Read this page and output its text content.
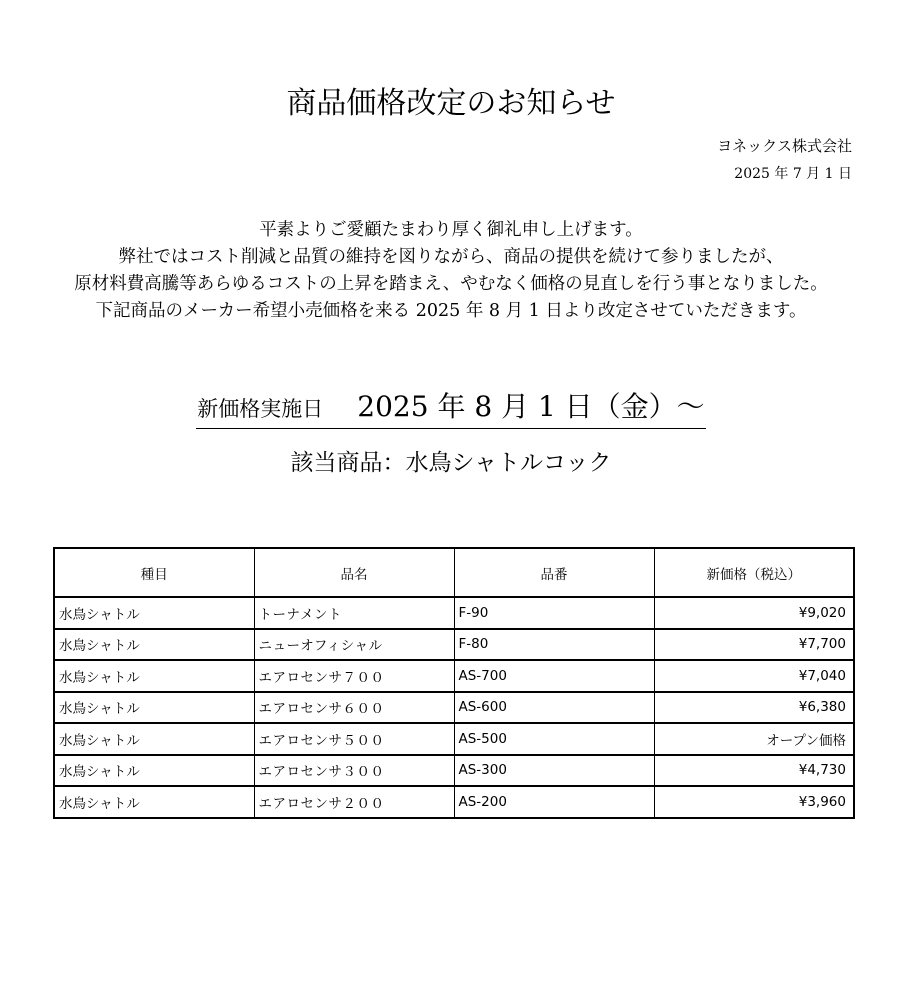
商品価格改定のお知らせ
ヨネックス株式会社
2025 年 7 月 1 日
平素よりご愛顧たまわり厚く御礼申し上げます。
弊社ではコスト削減と品質の維持を図りながら、商品の提供を続けて参りましたが、
原材料費高騰等あらゆるコストの上昇を踏まえ、やむなく価格の見直しを行う事となりました。
下記商品のメーカー希望小売価格を来る 2025 年 8 月 1 日より改定させていただきます。
新価格実施日 2025 年 8 月 1 日（金）～
該当商品：水鳥シャトルコック
種目	品名	品番	新価格（税込）
水鳥シャトル	トーナメント	F-90	¥9,020
水鳥シャトル	ニューオフィシャル	F-80	¥7,700
水鳥シャトル	エアロセンサ７００	AS-700	¥7,040
水鳥シャトル	エアロセンサ６００	AS-600	¥6,380
水鳥シャトル	エアロセンサ５００	AS-500	オープン価格
水鳥シャトル	エアロセンサ３００	AS-300	¥4,730
水鳥シャトル	エアロセンサ２００	AS-200	¥3,960
